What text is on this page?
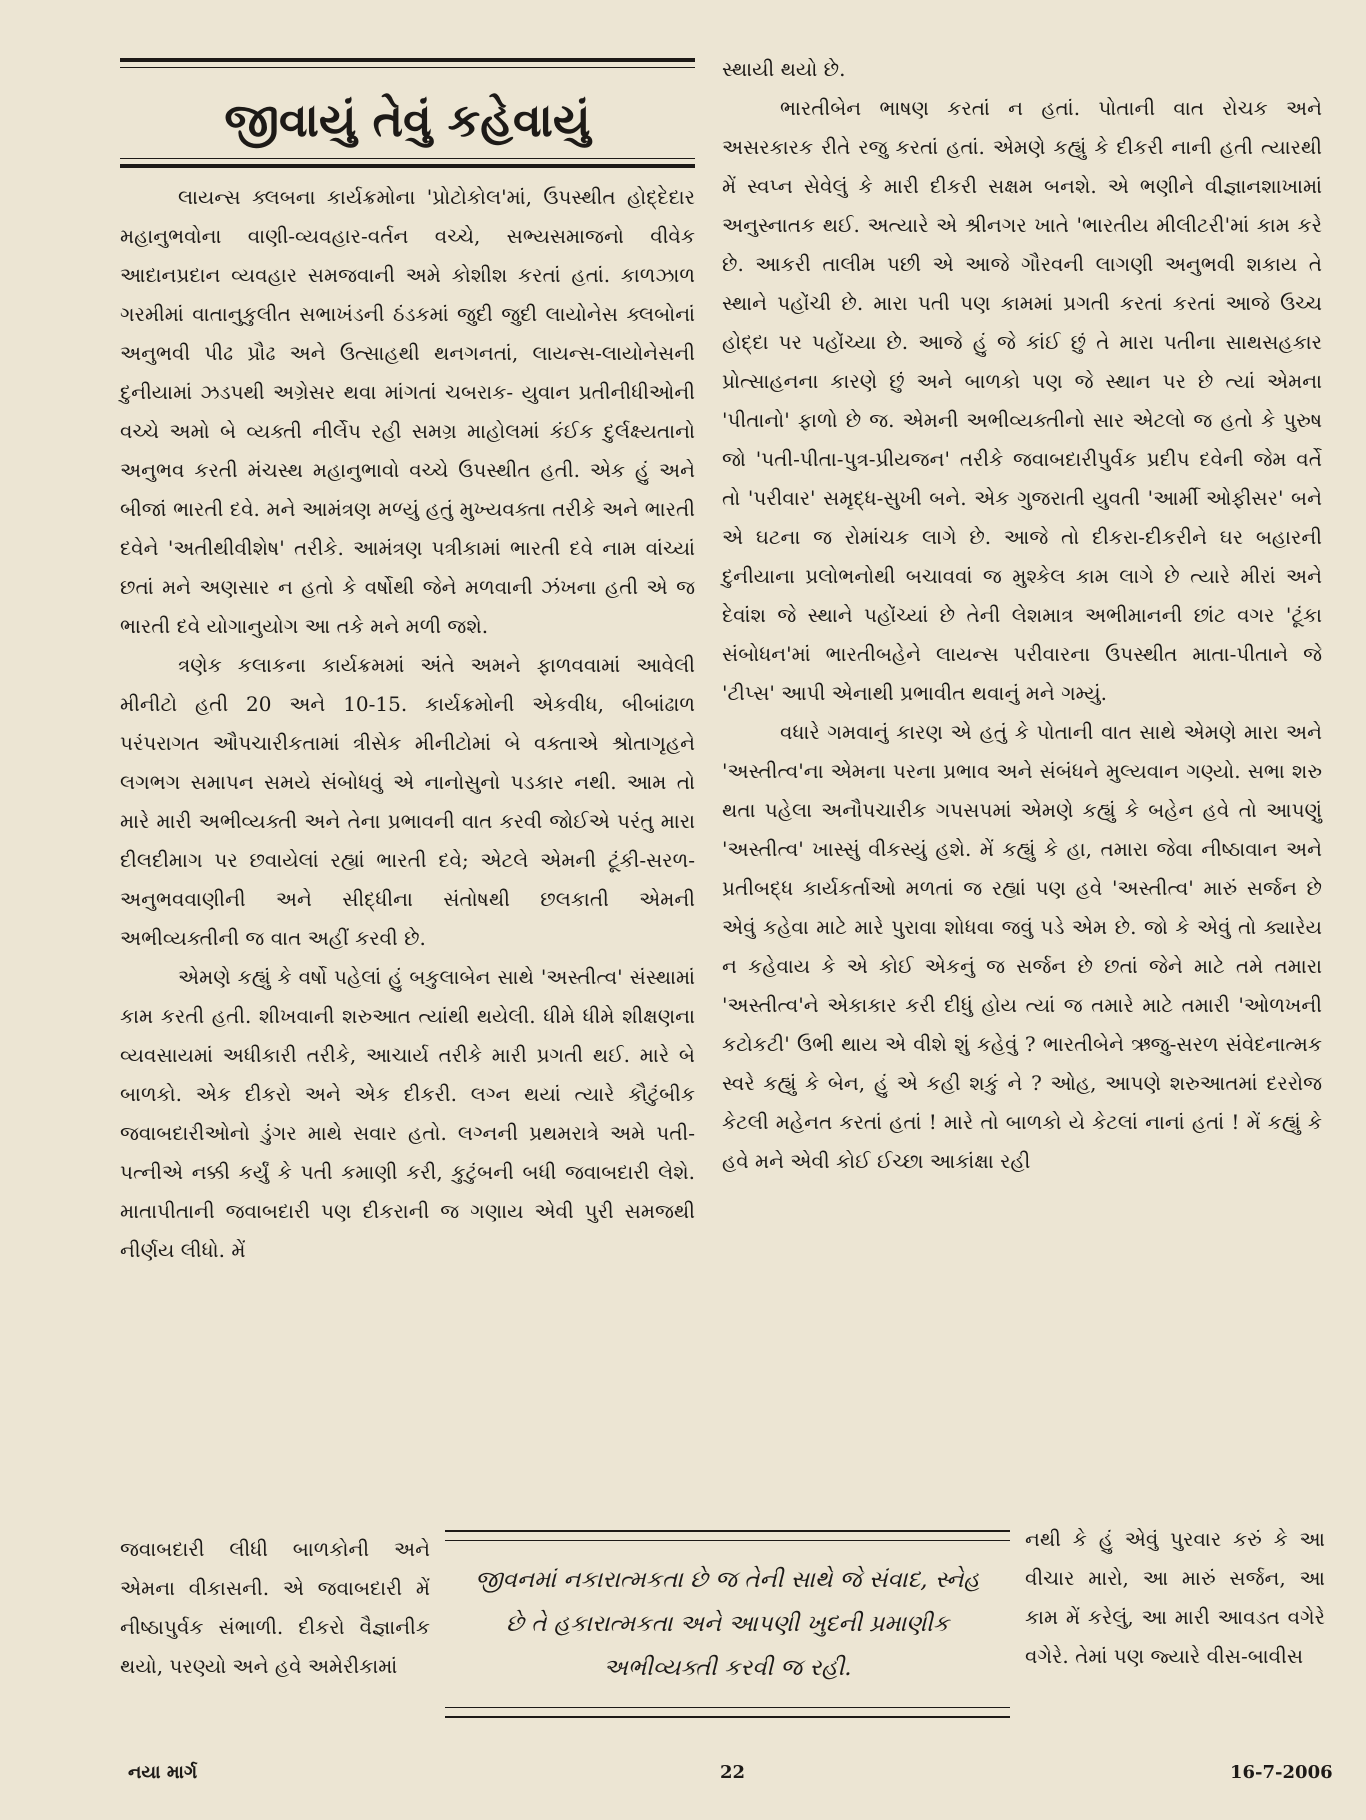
જીવાયું તેવું કહેવાયું

લાયન્સ ક્લબના કાર્યક્રમોના 'પ્રોટોકોલ'માં, ઉપસ્થીત હોદ્દેદાર મહાનુભવોના વાણી-વ્યવહાર-વર્તન વચ્ચે, સભ્યસમાજનો વીવેક આદાનપ્રદાન વ્યવહાર સમજવાની અમે કોશીશ કરતાં હતાં. કાળઝાળ ગરમીમાં વાતાનુકુલીત સભાખંડની ઠંડકમાં જુદી જુદી લાયોનેસ ક્લબોનાં અનુભવી પીઢ પ્રૌઢ અને ઉત્સાહથી થનગનતાં, લાયન્સ-લાયોનેસની દુનીયામાં ઝડપથી અગ્રેસર થવા માંગતાં ચબરાક- યુવાન પ્રતીનીધીઓની વચ્ચે અમો બે વ્યક્તી નીર્લેપ રહી સમગ્ર માહોલમાં કંઈક દુર્લક્ષ્યતાનો અનુભવ કરતી મંચસ્થ મહાનુભાવો વચ્ચે ઉપસ્થીત હતી. એક હું અને બીજાં ભારતી દવે. મને આમંત્રણ મળ્યું હતું મુખ્યવક્તા તરીકે અને ભારતી દવેને 'અતીથીવીશેષ' તરીકે. આમંત્રણ પત્રીકામાં ભારતી દવે નામ વાંચ્યાં છતાં મને અણસાર ન હતો કે વર્ષોથી જેને મળવાની ઝંખના હતી એ જ ભારતી દવે યોગાનુયોગ આ તકે મને મળી જશે.

ત્રણેક કલાકના કાર્યક્રમમાં અંતે અમને ફાળવવામાં આવેલી મીનીટો હતી 20 અને 10-15. કાર્યક્રમોની એકવીધ, બીબાંઢાળ પરંપરાગત ઔપચારીકતામાં ત્રીસેક મીનીટોમાં બે વક્તાએ શ્રોતાગૃહને લગભગ સમાપન સમયે સંબોધવું એ નાનોસુનો પડકાર નથી. આમ તો મારે મારી અભીવ્યક્તી અને તેના પ્રભાવની વાત કરવી જોઈએ પરંતુ મારા દીલદીમાગ પર છવાયેલાં રહ્યાં ભારતી દવે; એટલે એમની ટૂંકી-સરળ-અનુભવવાણીની અને સીદ્ધીના સંતોષથી છલકાતી એમની અભીવ્યક્તીની જ વાત અહીં કરવી છે.

એમણે કહ્યું કે વર્ષો પહેલાં હું બકુલાબેન સાથે 'અસ્તીત્વ' સંસ્થામાં કામ કરતી હતી. શીખવાની શરુઆત ત્યાંથી થયેલી. ધીમે ધીમે શીક્ષણના વ્યવસાયમાં અધીકારી તરીકે, આચાર્ય તરીકે મારી પ્રગતી થઈ. મારે બે બાળકો. એક દીકરો અને એક દીકરી. લગ્ન થયાં ત્યારે કૌટુંબીક જવાબદારીઓનો ડુંગર માથે સવાર હતો. લગ્નની પ્રથમરાત્રે અમે પતી- પત્નીએ નક્કી કર્યું કે પતી કમાણી કરી, કુટુંબની બધી જવાબદારી લેશે. માતાપીતાની જવાબદારી પણ દીકરાની જ ગણાય એવી પુરી સમજથી નીર્ણય લીધો. મેં

જવાબદારી લીધી બાળકોની અને એમના વીકાસની. એ જવાબદારી મેં નીષ્ઠાપુર્વક સંભાળી. દીકરો વૈજ્ઞાનીક થયો, પરણ્યો અને હવે અમેરીકામાં

સ્થાયી થયો છે.

ભારતીબેન ભાષણ કરતાં ન હતાં. પોતાની વાત રોચક અને અસરકારક રીતે રજુ કરતાં હતાં. એમણે કહ્યું કે દીકરી નાની હતી ત્યારથી મેં સ્વપ્ન સેવેલું કે મારી દીકરી સક્ષમ બનશે. એ ભણીને વીજ્ઞાનશાખામાં અનુસ્નાતક થઈ. અત્યારે એ શ્રીનગર ખાતે 'ભારતીય મીલીટરી'માં કામ કરે છે. આકરી તાલીમ પછી એ આજે ગૌરવની લાગણી અનુભવી શકાય તે સ્થાને પહોંચી છે. મારા પતી પણ કામમાં પ્રગતી કરતાં કરતાં આજે ઉચ્ચ હોદ્દા પર પહોંચ્યા છે. આજે હું જે કાંઈ છું તે મારા પતીના સાથસહકાર પ્રોત્સાહનના કારણે છું અને બાળકો પણ જે સ્થાન પર છે ત્યાં એમના 'પીતાનો' ફાળો છે જ. એમની અભીવ્યક્તીનો સાર એટલો જ હતો કે પુરુષ જો 'પતી-પીતા-પુત્ર-પ્રીયજન' તરીકે જવાબદારીપુર્વક પ્રદીપ દવેની જેમ વર્તે તો 'પરીવાર' સમૃદ્ધ-સુખી બને. એક ગુજરાતી યુવતી 'આર્મી ઓફીસર' બને એ ઘટના જ રોમાંચક લાગે છે. આજે તો દીકરા-દીકરીને ઘર બહારની દુનીયાના પ્રલોભનોથી બચાવવાં જ મુશ્કેલ કામ લાગે છે ત્યારે મીરાં અને દેવાંશ જે સ્થાને પહોંચ્યાં છે તેની લેશમાત્ર અભીમાનની છાંટ વગર 'ટૂંકા સંબોધન'માં ભારતીબહેને લાયન્સ પરીવારના ઉપસ્થીત માતા-પીતાને જે 'ટીપ્સ' આપી એનાથી પ્રભાવીત થવાનું મને ગમ્યું.

વધારે ગમવાનું કારણ એ હતું કે પોતાની વાત સાથે એમણે મારા અને 'અસ્તીત્વ'ના એમના પરના પ્રભાવ અને સંબંધને મુલ્યવાન ગણ્યો. સભા શરુ થતા પહેલા અનૌપચારીક ગપસપમાં એમણે કહ્યું કે બહેન હવે તો આપણું 'અસ્તીત્વ' ખાસ્સું વીકસ્યું હશે. મેં કહ્યું કે હા, તમારા જેવા નીષ્ઠાવાન અને પ્રતીબદ્ધ કાર્યકર્તાઓ મળતાં જ રહ્યાં પણ હવે 'અસ્તીત્વ' મારું સર્જન છે એવું કહેવા માટે મારે પુરાવા શોધવા જવું પડે એમ છે. જો કે એવું તો ક્યારેય ન કહેવાય કે એ કોઈ એકનું જ સર્જન છે છતાં જેને માટે તમે તમારા 'અસ્તીત્વ'ને એકાકાર કરી દીધું હોય ત્યાં જ તમારે માટે તમારી 'ઓળખની કટોકટી' ઉભી થાય એ વીશે શું કહેવું ? ભારતીબેને ઋજુ-સરળ સંવેદનાત્મક સ્વરે કહ્યું કે બેન, હું એ કહી શકું ને ? ઓહ, આપણે શરુઆતમાં દરરોજ કેટલી મહેનત કરતાં હતાં ! મારે તો બાળકો યે કેટલાં નાનાં હતાં ! મેં કહ્યું કે હવે મને એવી કોઈ ઈચ્છા આકાંક્ષા રહી

જીવનમાં નકારાત્મકતા છે જ તેની સાથે જે સંવાદ, સ્નેહ છે તે હકારાત્મકતા અને આપણી ખુદની પ્રમાણીક અભીવ્યક્તી કરવી જ રહી.

નથી કે હું એવું પુરવાર કરું કે આ વીચાર મારો, આ મારું સર્જન, આ કામ મેં કરેલું, આ મારી આવડત વગેરે વગેરે. તેમાં પણ જ્યારે વીસ-બાવીસ

નયા માર્ગ	22	16-7-2006
